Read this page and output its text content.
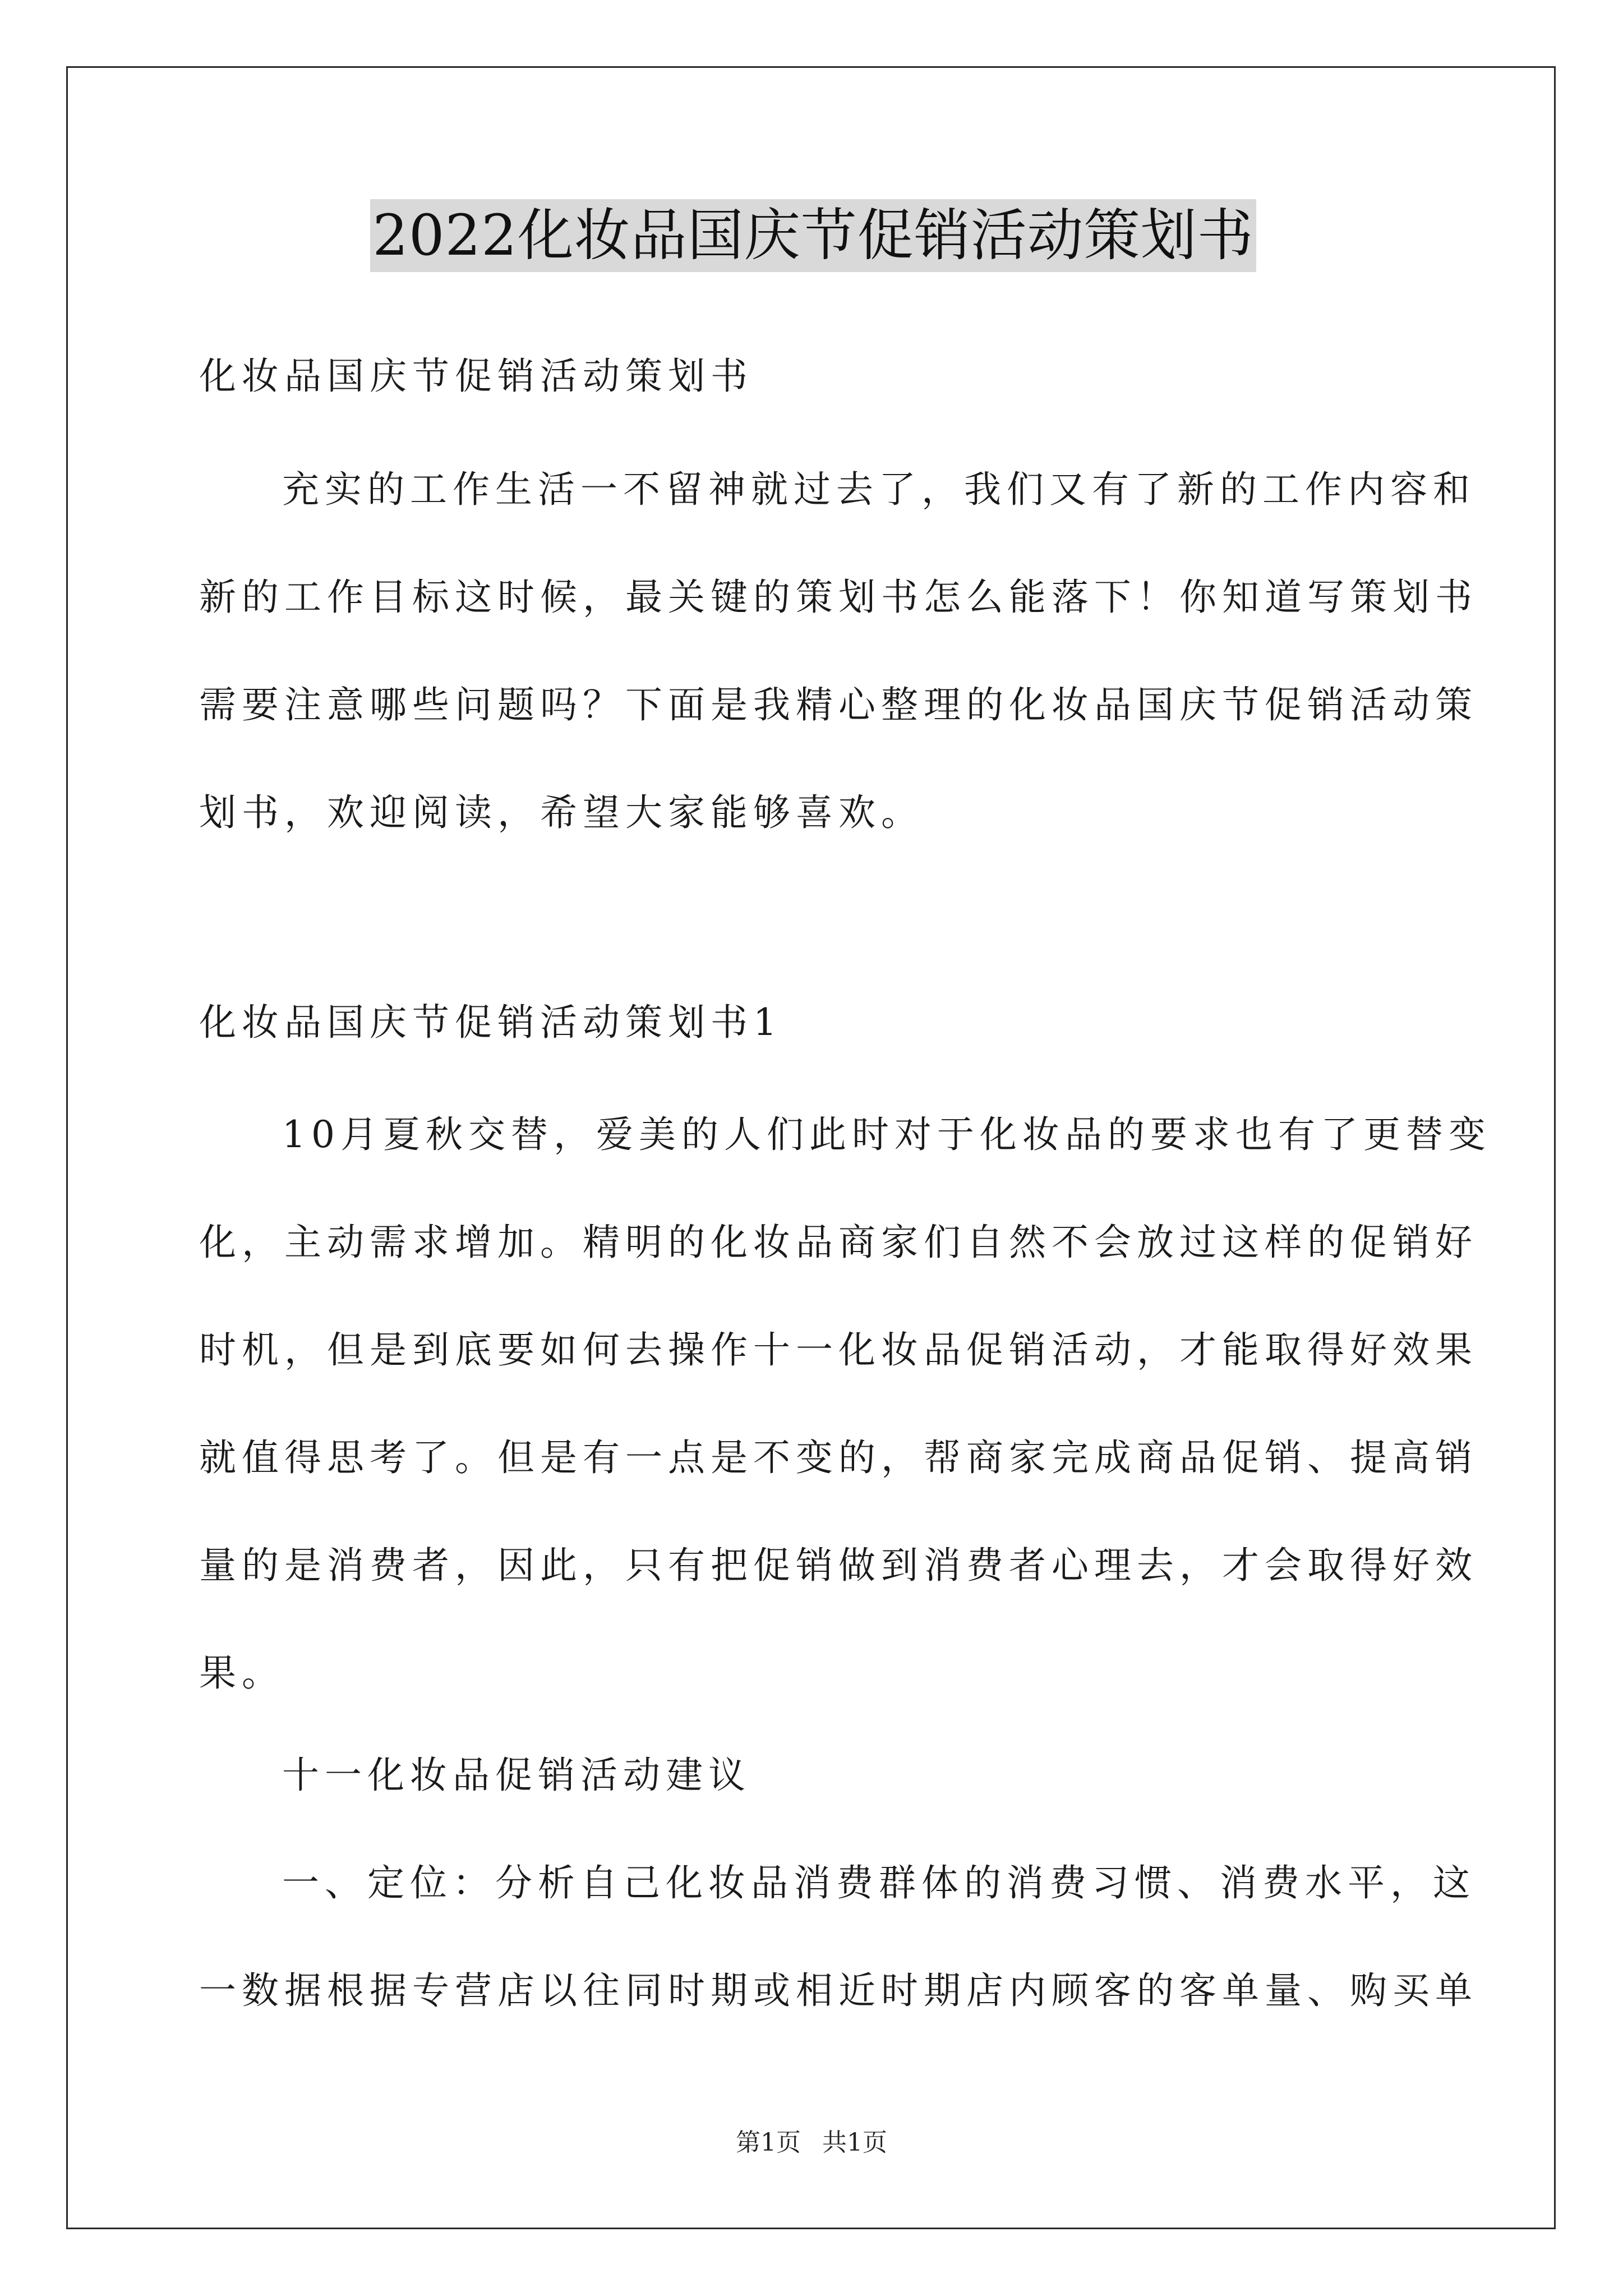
2022化妆品国庆节促销活动策划书
化妆品国庆节促销活动策划书
充实的工作生活一不留神就过去了，我们又有了新的工作内容和
新的工作目标这时候，最关键的策划书怎么能落下！你知道写策划书
需要注意哪些问题吗？下面是我精心整理的化妆品国庆节促销活动策
划书，欢迎阅读，希望大家能够喜欢。
化妆品国庆节促销活动策划书1
10月夏秋交替，爱美的人们此时对于化妆品的要求也有了更替变
化，主动需求增加。精明的化妆品商家们自然不会放过这样的促销好
时机，但是到底要如何去操作十一化妆品促销活动，才能取得好效果
就值得思考了。但是有一点是不变的，帮商家完成商品促销、提高销
量的是消费者，因此，只有把促销做到消费者心理去，才会取得好效
果。
十一化妆品促销活动建议
一、定位：分析自己化妆品消费群体的消费习惯、消费水平，这
一数据根据专营店以往同时期或相近时期店内顾客的客单量、购买单
第1页 共1页
